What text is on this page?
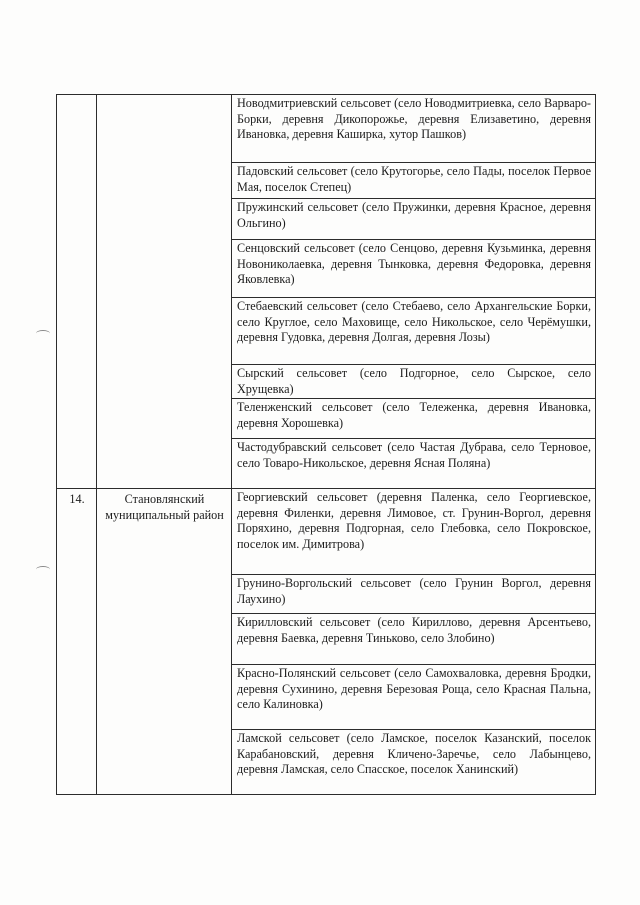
		Новодмитриевский сельсовет (село Новодмитриевка, село Варваро-Борки, деревня Дикопорожье, деревня Елизаветино, деревня Ивановка, деревня Каширка, хутор Пашков)
		Падовский сельсовет (село Крутогорье, село Пады, поселок Первое Мая, поселок Степец)
		Пружинский сельсовет (село Пружинки, деревня Красное, деревня Ольгино)
		Сенцовский сельсовет (село Сенцово, деревня Кузьминка, деревня Новониколаевка, деревня Тынковка, деревня Федоровка, деревня Яковлевка)
		Стебаевский сельсовет (село Стебаево, село Архангельские Борки, село Круглое, село Маховище, село Никольское, село Черёмушки, деревня Гудовка, деревня Долгая, деревня Лозы)
		Сырский сельсовет (село Подгорное, село Сырское, село Хрущевка)
		Теленженский сельсовет (село Тележенка, деревня Ивановка, деревня Хорошевка)
		Частодубравский сельсовет (село Частая Дубрава, село Терновое, село Товаро-Никольское, деревня Ясная Поляна)

14.	Становлянский муниципальный район	Георгиевский сельсовет (деревня Паленка, село Георгиевское, деревня Филенки, деревня Лимовое, ст. Грунин-Воргол, деревня Поряхино, деревня Подгорная, село Глебовка, село Покровское, поселок им. Димитрова)
		Грунино-Воргольский сельсовет (село Грунин Воргол, деревня Лаухино)
		Кирилловский сельсовет (село Кириллово, деревня Арсентьево, деревня Баевка, деревня Тиньково, село Злобино)
		Красно-Полянский сельсовет (село Самохваловка, деревня Бродки, деревня Сухинино, деревня Березовая Роща, село Красная Пальна, село Калиновка)
		Ламской сельсовет (село Ламское, поселок Казанский, поселок Карабановский, деревня Кличено-Заречье, село Лабынцево, деревня Ламская, село Спасское, поселок Ханинский)
